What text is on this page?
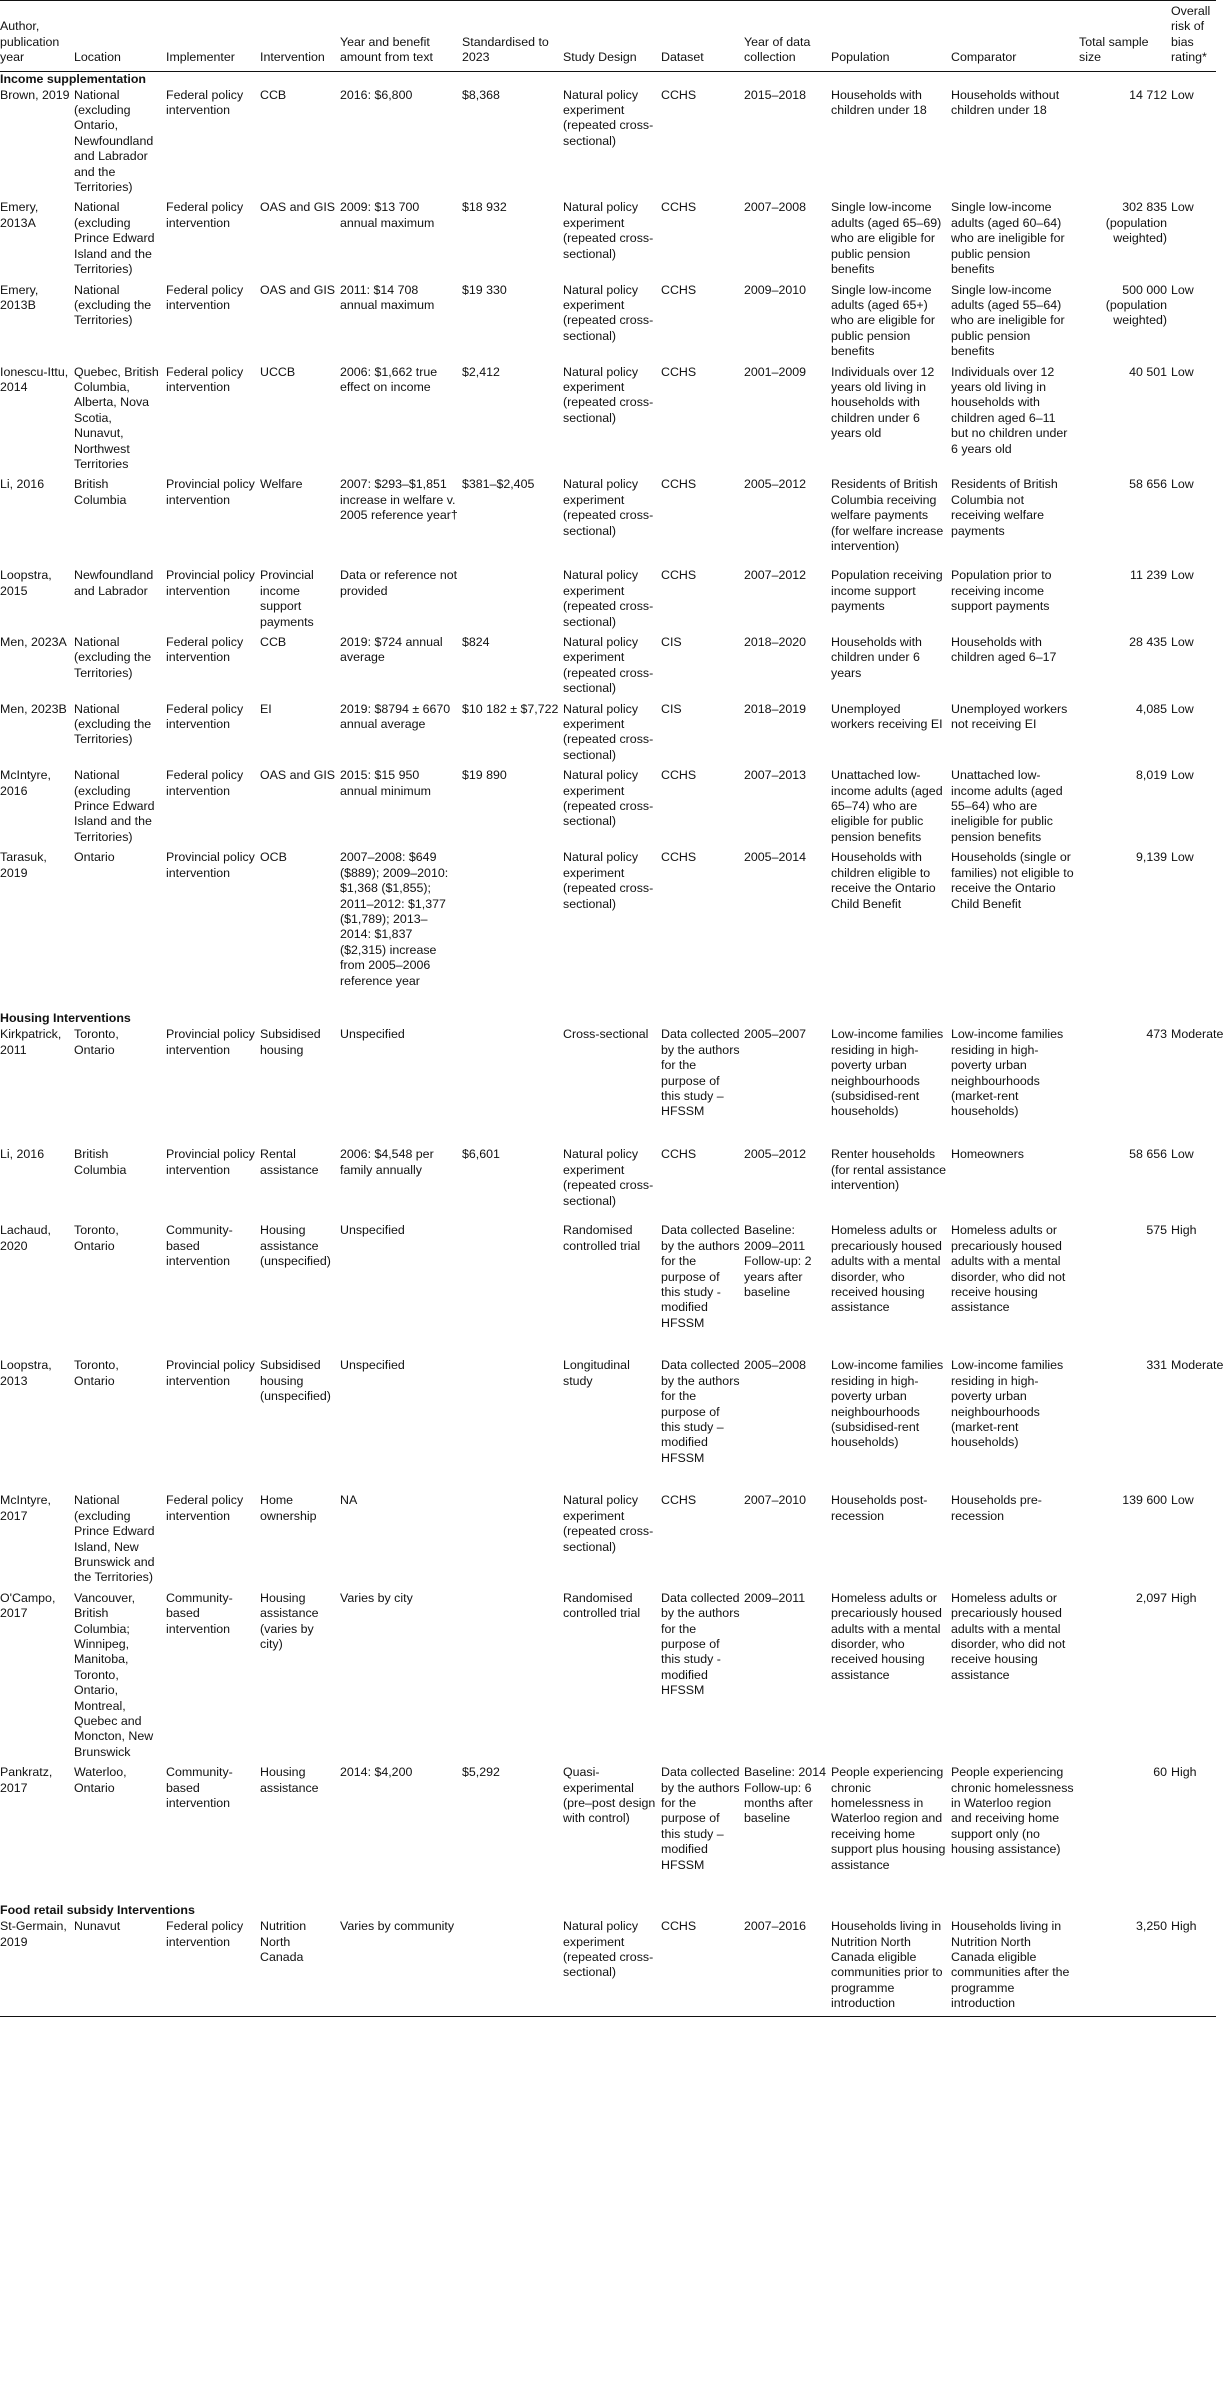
Author, publication year	Location	Implementer	Intervention	Year and benefit amount from text	Standardised to 2023	Study Design	Dataset	Year of data collection	Population	Comparator	Total sample size	Overall risk of bias rating*
Income supplementation												
Brown, 2019	National (excluding Ontario, Newfoundland and Labrador and the Territories)	Federal policy intervention	CCB	2016: $6,800	$8,368	Natural policy experiment (repeated cross-sectional)	CCHS	2015–2018	Households with children under 18	Households without children under 18	14 712	Low
Emery, 2013A	National (excluding Prince Edward Island and the Territories)	Federal policy intervention	OAS and GIS	2009: $13 700 annual maximum	$18 932	Natural policy experiment (repeated cross-sectional)	CCHS	2007–2008	Single low-income adults (aged 65–69) who are eligible for public pension benefits	Single low-income adults (aged 60–64) who are ineligible for public pension benefits	302 835 (population weighted)	Low
Emery, 2013B	National (excluding the Territories)	Federal policy intervention	OAS and GIS	2011: $14 708 annual maximum	$19 330	Natural policy experiment (repeated cross-sectional)	CCHS	2009–2010	Single low-income adults (aged 65+) who are eligible for public pension benefits	Single low-income adults (aged 55–64) who are ineligible for public pension benefits	500 000 (population weighted)	Low
Ionescu-Ittu, 2014	Quebec, British Columbia, Alberta, Nova Scotia, Nunavut, Northwest Territories	Federal policy intervention	UCCB	2006: $1,662 true effect on income	$2,412	Natural policy experiment (repeated cross-sectional)	CCHS	2001–2009	Individuals over 12 years old living in households with children under 6 years old	Individuals over 12 years old living in households with children aged 6–11 but no children under 6 years old	40 501	Low
Li, 2016	British Columbia	Provincial policy intervention	Welfare	2007: $293–$1,851 increase in welfare v. 2005 reference year†	$381–$2,405	Natural policy experiment (repeated cross-sectional)	CCHS	2005–2012	Residents of British Columbia receiving welfare payments (for welfare increase intervention)	Residents of British Columbia not receiving welfare payments	58 656	Low
Loopstra, 2015	Newfoundland and Labrador	Provincial policy intervention	Provincial income support payments	Data or reference not provided		Natural policy experiment (repeated cross-sectional)	CCHS	2007–2012	Population receiving income support payments	Population prior to receiving income support payments	11 239	Low
Men, 2023A	National (excluding the Territories)	Federal policy intervention	CCB	2019: $724 annual average	$824	Natural policy experiment (repeated cross-sectional)	CIS	2018–2020	Households with children under 6 years	Households with children aged 6–17	28 435	Low
Men, 2023B	National (excluding the Territories)	Federal policy intervention	EI	2019: $8794 ± 6670 annual average	$10 182 ± $7,722	Natural policy experiment (repeated cross-sectional)	CIS	2018–2019	Unemployed workers receiving EI	Unemployed workers not receiving EI	4,085	Low
McIntyre, 2016	National (excluding Prince Edward Island and the Territories)	Federal policy intervention	OAS and GIS	2015: $15 950 annual minimum	$19 890	Natural policy experiment (repeated cross-sectional)	CCHS	2007–2013	Unattached low-income adults (aged 65–74) who are eligible for public pension benefits	Unattached low-income adults (aged 55–64) who are ineligible for public pension benefits	8,019	Low
Tarasuk, 2019	Ontario	Provincial policy intervention	OCB	2007–2008: $649 ($889); 2009–2010: $1,368 ($1,855); 2011–2012: $1,377 ($1,789); 2013–2014: $1,837 ($2,315) increase from 2005–2006 reference year		Natural policy experiment (repeated cross-sectional)	CCHS	2005–2014	Households with children eligible to receive the Ontario Child Benefit	Households (single or families) not eligible to receive the Ontario Child Benefit	9,139	Low
Housing Interventions												
Kirkpatrick, 2011	Toronto, Ontario	Provincial policy intervention	Subsidised housing	Unspecified		Cross-sectional	Data collected by the authors for the purpose of this study – HFSSM	2005–2007	Low-income families residing in high-poverty urban neighbourhoods (subsidised-rent households)	Low-income families residing in high-poverty urban neighbourhoods (market-rent households)	473	Moderate
Li, 2016	British Columbia	Provincial policy intervention	Rental assistance	2006: $4,548 per family annually	$6,601	Natural policy experiment (repeated cross-sectional)	CCHS	2005–2012	Renter households (for rental assistance intervention)	Homeowners	58 656	Low
Lachaud, 2020	Toronto, Ontario	Community-based intervention	Housing assistance (unspecified)	Unspecified		Randomised controlled trial	Data collected by the authors for the purpose of this study - modified HFSSM	Baseline: 2009–2011 Follow-up: 2 years after baseline	Homeless adults or precariously housed adults with a mental disorder, who received housing assistance	Homeless adults or precariously housed adults with a mental disorder, who did not receive housing assistance	575	High
Loopstra, 2013	Toronto, Ontario	Provincial policy intervention	Subsidised housing (unspecified)	Unspecified		Longitudinal study	Data collected by the authors for the purpose of this study – modified HFSSM	2005–2008	Low-income families residing in high-poverty urban neighbourhoods (subsidised-rent households)	Low-income families residing in high-poverty urban neighbourhoods (market-rent households)	331	Moderate
McIntyre, 2017	National (excluding Prince Edward Island, New Brunswick and the Territories)	Federal policy intervention	Home ownership	NA		Natural policy experiment (repeated cross-sectional)	CCHS	2007–2010	Households post-recession	Households pre-recession	139 600	Low
O'Campo, 2017	Vancouver, British Columbia; Winnipeg, Manitoba, Toronto, Ontario, Montreal, Quebec and Moncton, New Brunswick	Community-based intervention	Housing assistance (varies by city)	Varies by city		Randomised controlled trial	Data collected by the authors for the purpose of this study - modified HFSSM	2009–2011	Homeless adults or precariously housed adults with a mental disorder, who received housing assistance	Homeless adults or precariously housed adults with a mental disorder, who did not receive housing assistance	2,097	High
Pankratz, 2017	Waterloo, Ontario	Community-based intervention	Housing assistance	2014: $4,200	$5,292	Quasi-experimental (pre–post design with control)	Data collected by the authors for the purpose of this study – modified HFSSM	Baseline: 2014 Follow-up: 6 months after baseline	People experiencing chronic homelessness in Waterloo region and receiving home support plus housing assistance	People experiencing chronic homelessness in Waterloo region and receiving home support only (no housing assistance)	60	High
Food retail subsidy Interventions												
St-Germain, 2019	Nunavut	Federal policy intervention	Nutrition North Canada	Varies by community		Natural policy experiment (repeated cross-sectional)	CCHS	2007–2016	Households living in Nutrition North Canada eligible communities prior to programme introduction	Households living in Nutrition North Canada eligible communities after the programme introduction	3,250	High
